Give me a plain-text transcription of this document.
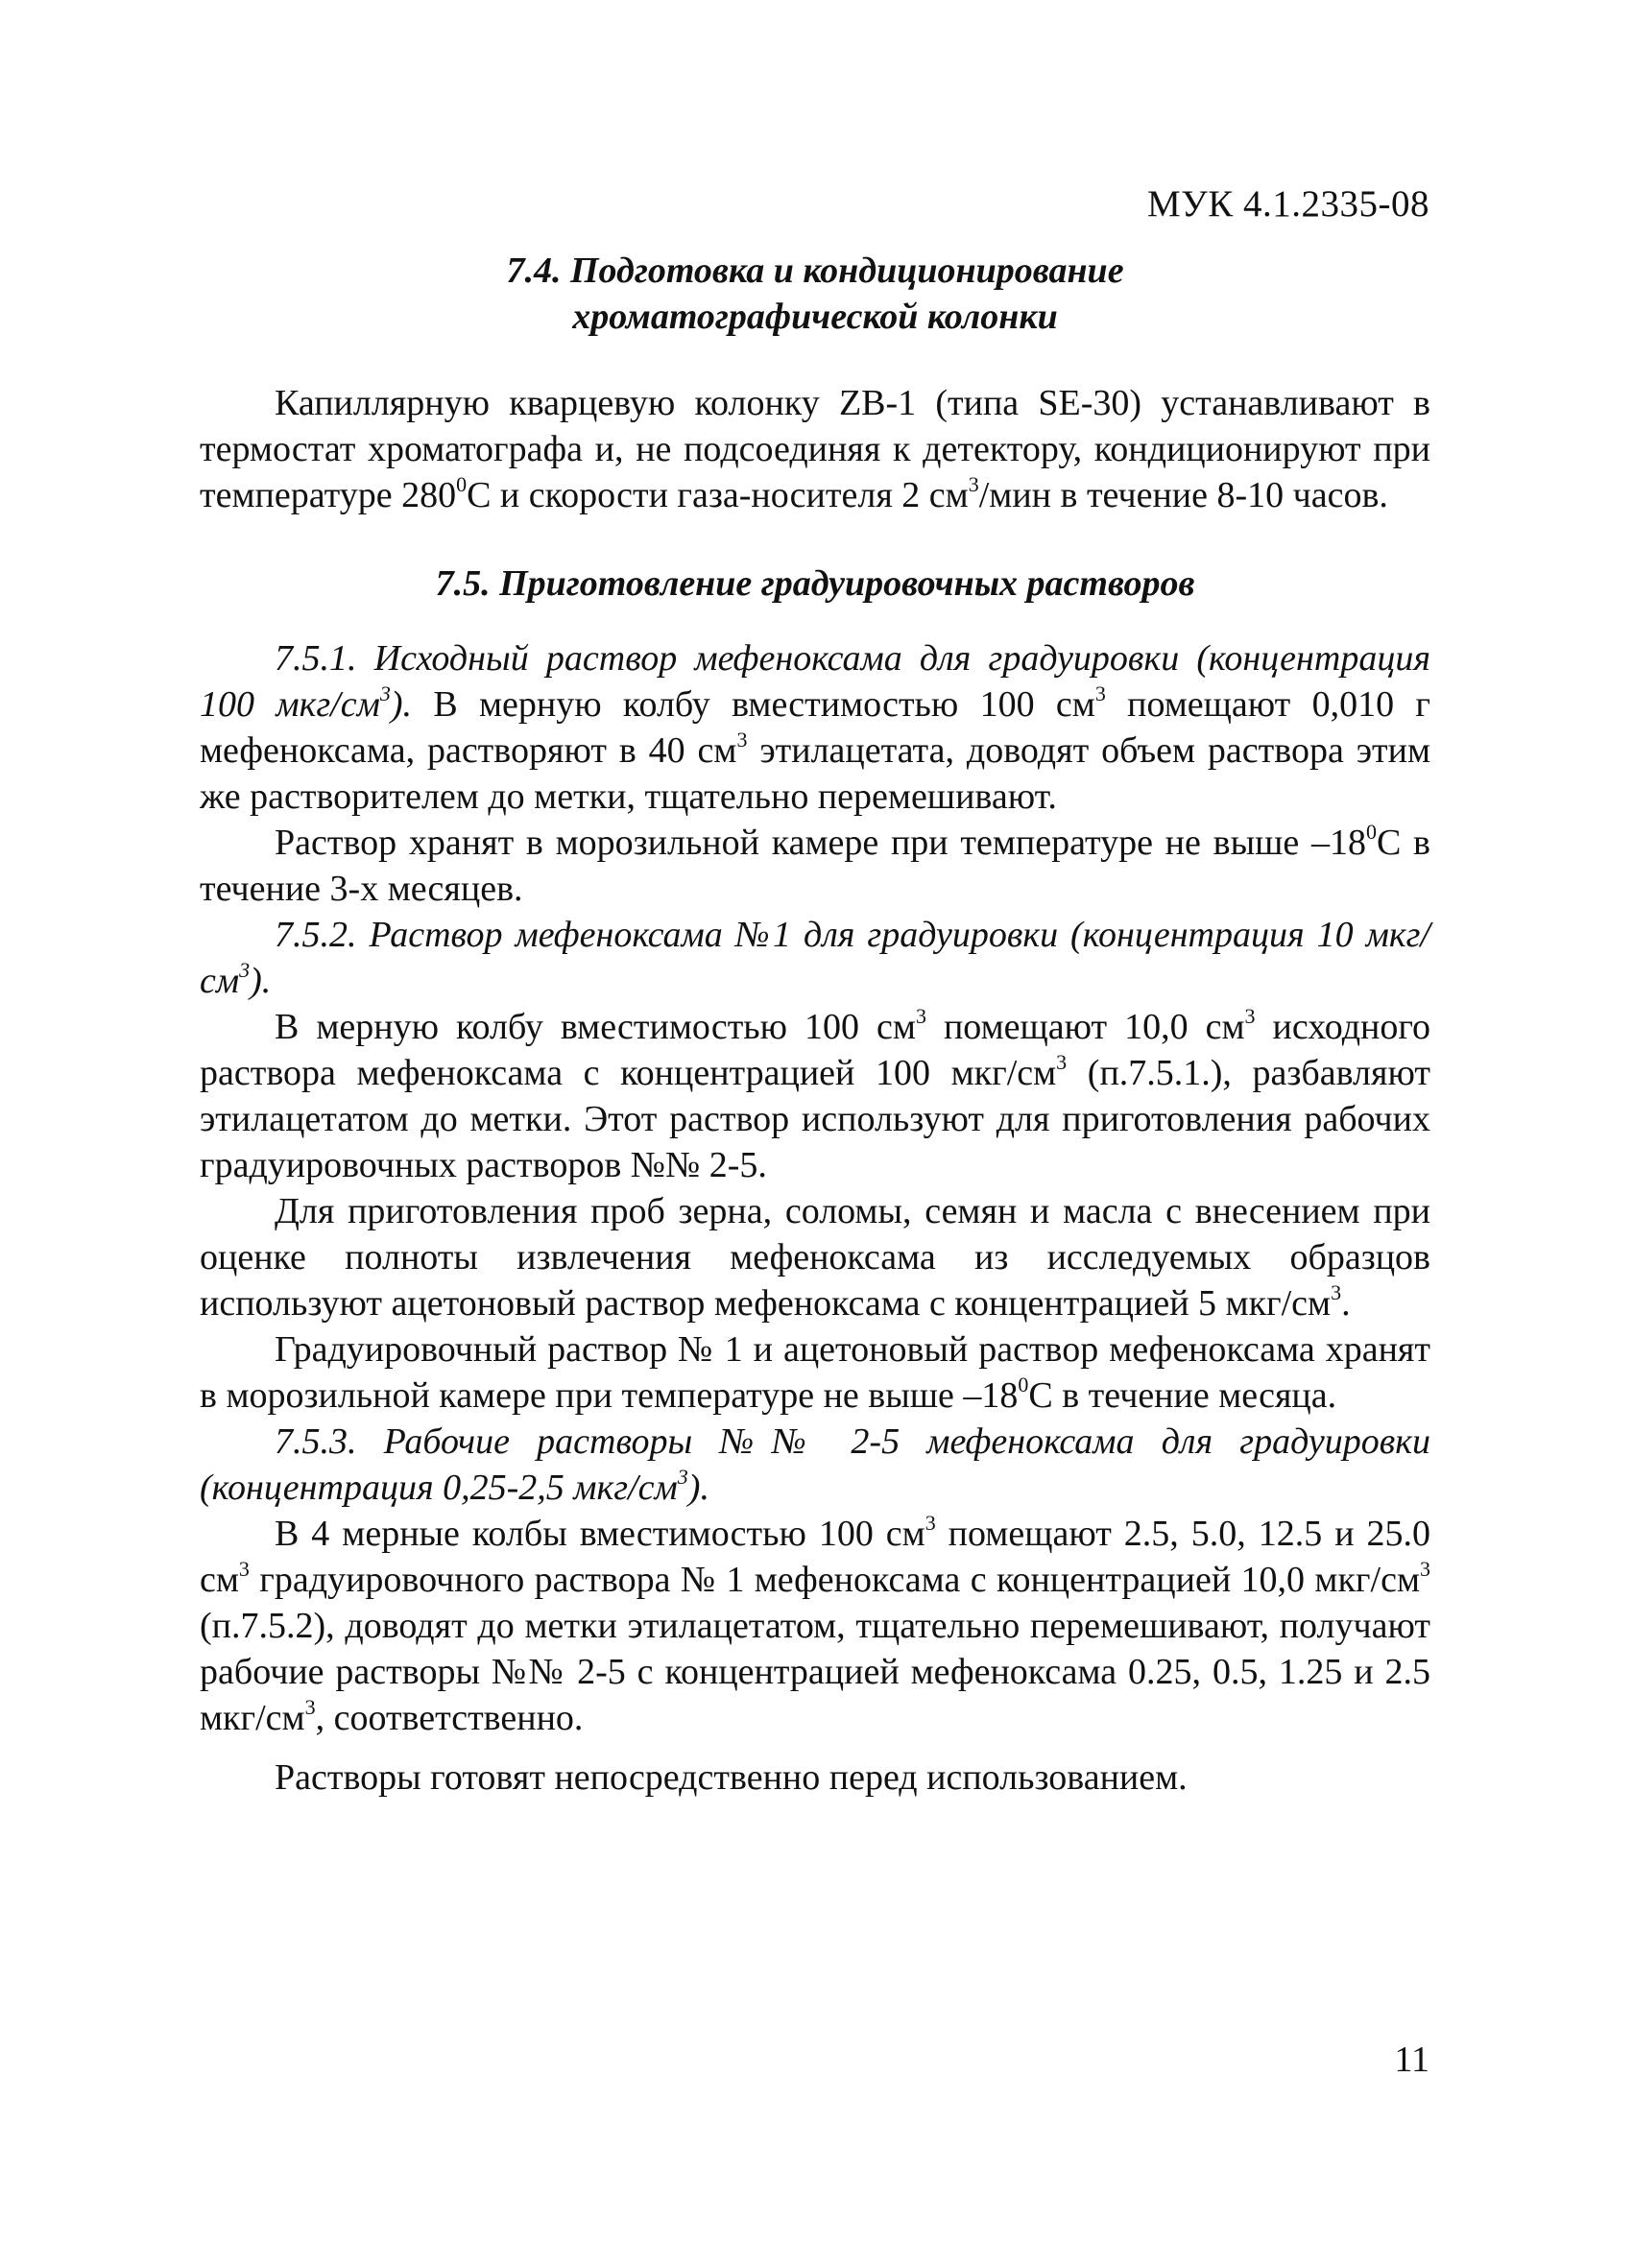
МУК 4.1.2335-08
7.4. Подготовка и кондиционирование
хроматографической колонки

Капиллярную кварцевую колонку ZB-1 (типа SE-30) устанавливают в термостат хроматографа и, не подсоединяя к детектору, кондиционируют при температуре $280^0С$ и скорости газа-носителя 2 $см^3$/мин в течение 8-10 часов.

7.5. Приготовление градуировочных растворов

7.5.1. Исходный раствор мефеноксама для градуировки (концентрация 100 мкг/$см^3$). В мерную колбу вместимостью 100 $см^3$ помещают 0,010 г мефеноксама, растворяют в 40 $см^3$ этилацетата, доводят объем раствора этим же растворителем до метки, тщательно перемешивают.

Раствор хранят в морозильной камере при температуре не выше $-18^0С$ в течение 3-х месяцев.

7.5.2. Раствор мефеноксама №1 для градуировки (концентрация 10 мкг/$см^3$).

В мерную колбу вместимостью 100 $см^3$ помещают 10,0 $см^3$ исходного раствора мефеноксама с концентрацией 100 мкг/$см^3$ (п.7.5.1.), разбавляют этилацетатом до метки. Этот раствор используют для приготовления рабочих градуировочных растворов №№ 2-5.

Для приготовления проб зерна, соломы, семян и масла с внесением при оценке полноты извлечения мефеноксама из исследуемых образцов используют ацетоновый раствор мефеноксама с концентрацией 5 мкг/$см^3$.

Градуировочный раствор № 1 и ацетоновый раствор мефеноксама хранят в морозильной камере при температуре не выше $-18^0С$ в течение месяца.

7.5.3. Рабочие растворы №№ 2-5 мефеноксама для градуировки (концентрация 0,25-2,5 мкг/$см^3$).

В 4 мерные колбы вместимостью 100 $см^3$ помещают 2.5, 5.0, 12.5 и 25.0 $см^3$ градуировочного раствора № 1 мефеноксама с концентрацией 10,0 мкг/$см^3$ (п.7.5.2), доводят до метки этилацетатом, тщательно перемешивают, получают рабочие растворы №№ 2-5 с концентрацией мефеноксама 0.25, 0.5, 1.25 и 2.5 мкг/$см^3$, соответственно.

Растворы готовят непосредственно перед использованием.

11
